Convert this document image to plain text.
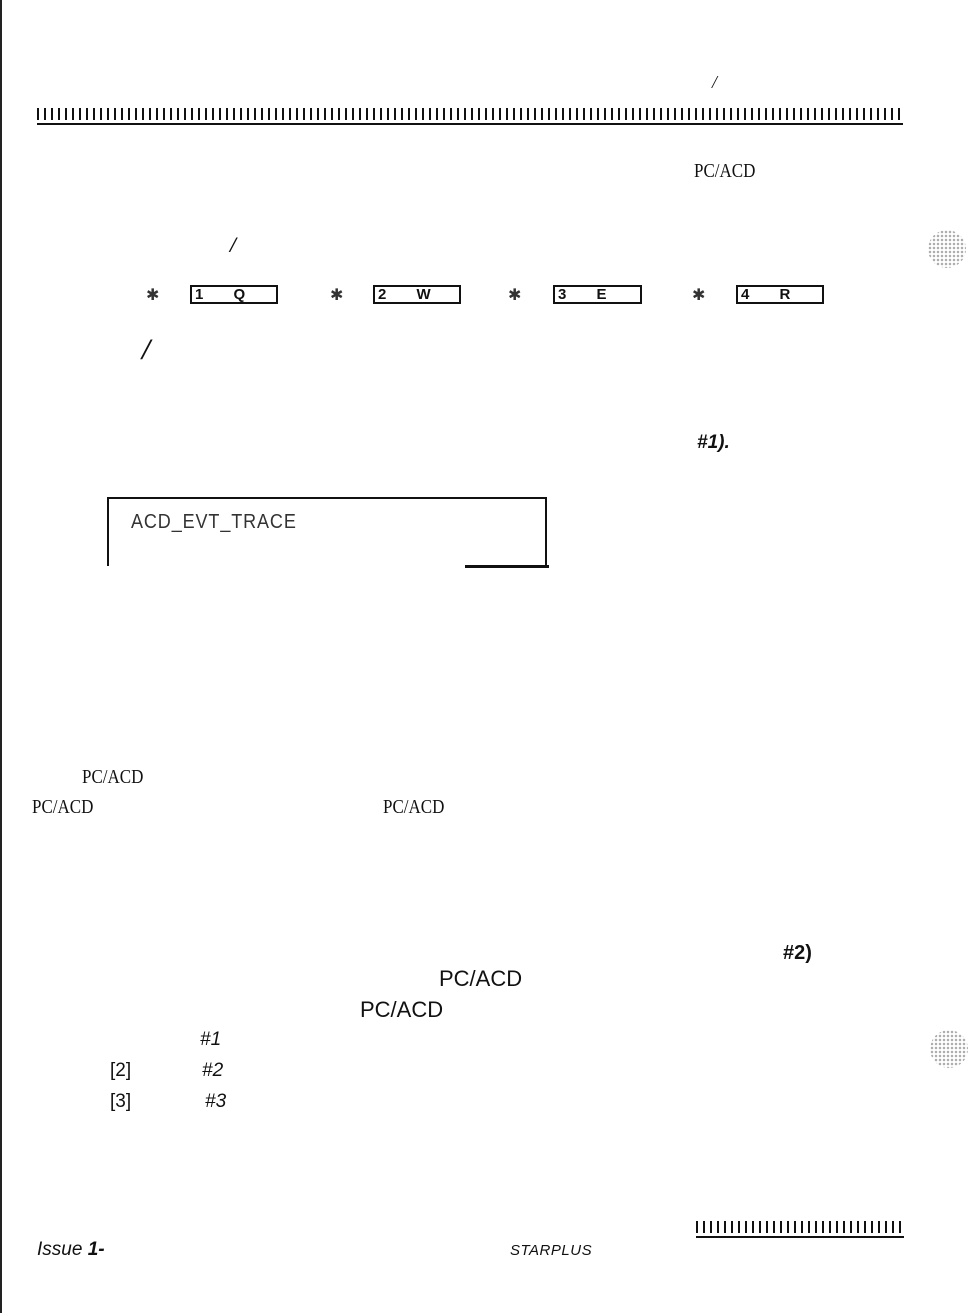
/
PC/ACD
/
✱	1 Q	✱	2 W	✱	3 E	✱	4 R
/
#1).
ACD_EVT_TRACE
PC/ACD
PC/ACD	PC/ACD
#2)
PC/ACD
PC/ACD
#1
[2]	#2
[3]	#3
Issue 1-	STARPLUS
